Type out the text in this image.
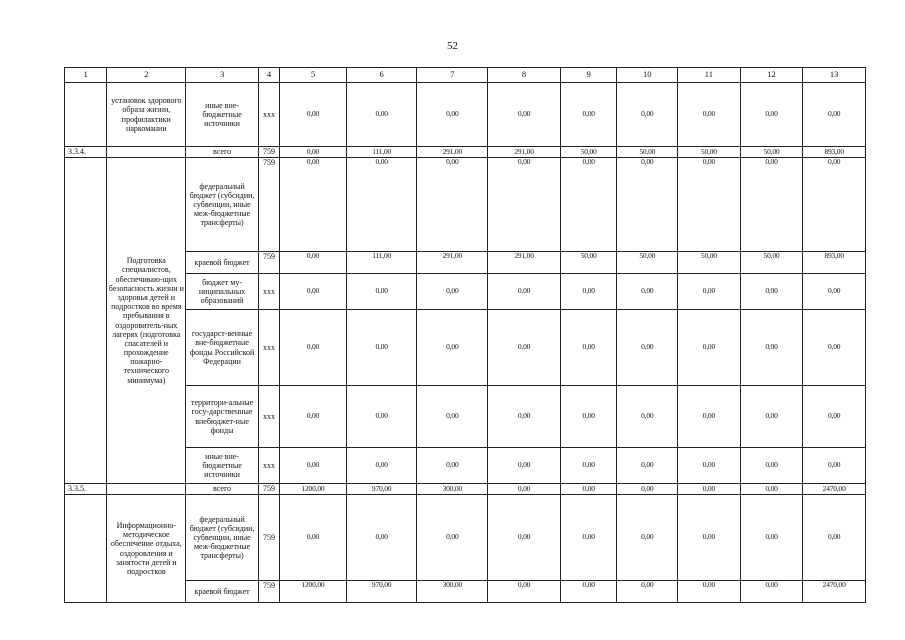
52
1	2	3	4	5	6	7	8	9	10	11	12	13
	установок здорового образа жизни, профилактики наркомании	иные вне-бюджетные источники	ххх	0,00	0,00	0,00	0,00	0,00	0,00	0,00	0,00	0,00
3.3.4.		всего	759	0,00	111,00	291,00	291,00	50,00	50,00	50,00	50,00	893,00
	Подготовка специалистов, обеспечиваю-щих безопасность жизни и здоровья детей и подростков во время пребывания в оздоровитель-ных лагерях (подготовка спасателей и прохождение пожарно-технического минимума)	федеральный бюджет (субсидии, субвенции, иные меж-бюджетные трансферты)	759	0,00	0,00	0,00	0,00	0,00	0,00	0,00	0,00	0,00
		краевой бюджет	759	0,00	111,00	291,00	291,00	50,00	50,00	50,00	50,00	893,00
		бюджет му-ниципальных образований	ххх	0,00	0,00	0,00	0,00	0,00	0,00	0,00	0,00	0,00
		государст-венные вне-бюджетные фонды Российской Федерации	ххх	0,00	0,00	0,00	0,00	0,00	0,00	0,00	0,00	0,00
		территори-альные госу-дарственные внебюджет-ные фонды	ххх	0,00	0,00	0,00	0,00	0,00	0,00	0,00	0,00	0,00
		иные вне-бюджетные источники	ххх	0,00	0,00	0,00	0,00	0,00	0,00	0,00	0,00	0,00
3.3.5.		всего	759	1200,00	970,00	300,00	0,00	0,00	0,00	0,00	0,00	2470,00
	Информационно-методическое обеспечение отдыха, оздоровления и занятости детей и подростков	федеральный бюджет (субсидии, субвенции, иные меж-бюджетные трансферты)	759	0,00	0,00	0,00	0,00	0,00	0,00	0,00	0,00	0,00
		краевой бюджет	759	1200,00	970,00	300,00	0,00	0,00	0,00	0,00	0,00	2470,00
